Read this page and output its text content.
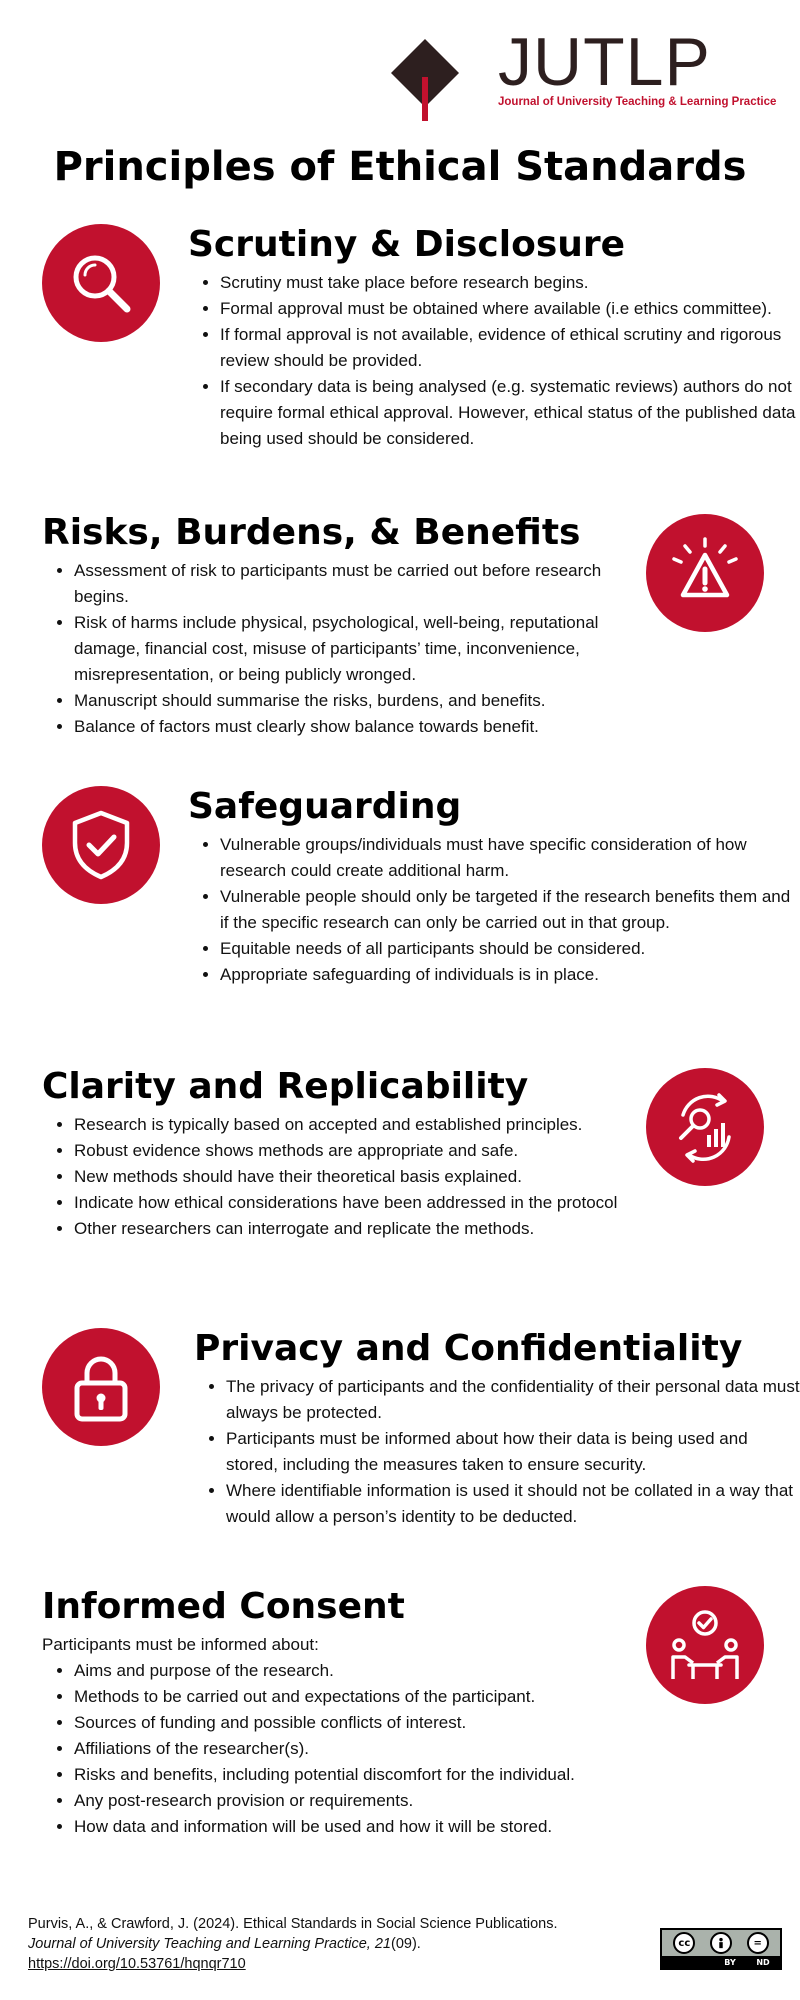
JUTLP
Journal of University Teaching & Learning Practice
Principles of Ethical Standards
Scrutiny & Disclosure
• Scrutiny must take place before research begins.
• Formal approval must be obtained where available (i.e ethics committee).
• If formal approval is not available, evidence of ethical scrutiny and rigorous review should be provided.
• If secondary data is being analysed (e.g. systematic reviews) authors do not require formal ethical approval. However, ethical status of the published data being used should be considered.
Risks, Burdens, & Benefits
• Assessment of risk to participants must be carried out before research begins.
• Risk of harms include physical, psychological, well-being, reputational damage, financial cost, misuse of participants’ time, inconvenience, misrepresentation, or being publicly wronged.
• Manuscript should summarise the risks, burdens, and benefits.
• Balance of factors must clearly show balance towards benefit.
Safeguarding
• Vulnerable groups/individuals must have specific consideration of how research could create additional harm.
• Vulnerable people should only be targeted if the research benefits them and if the specific research can only be carried out in that group.
• Equitable needs of all participants should be considered.
• Appropriate safeguarding of individuals is in place.
Clarity and Replicability
• Research is typically based on accepted and established principles.
• Robust evidence shows methods are appropriate and safe.
• New methods should have their theoretical basis explained.
• Indicate how ethical considerations have been addressed in the protocol
• Other researchers can interrogate and replicate the methods.
Privacy and Confidentiality
• The privacy of participants and the confidentiality of their personal data must always be protected.
• Participants must be informed about how their data is being used and stored, including the measures taken to ensure security.
• Where identifiable information is used it should not be collated in a way that would allow a person’s identity to be deducted.
Informed Consent

Participants must be informed about:

• Aims and purpose of the research.
• Methods to be carried out and expectations of the participant.
• Sources of funding and possible conflicts of interest.
• Affiliations of the researcher(s).
• Risks and benefits, including potential discomfort for the individual.
• Any post-research provision or requirements.
• How data and information will be used and how it will be stored.
Purvis, A., & Crawford, J. (2024). Ethical Standards in Social Science Publications.
Journal of University Teaching and Learning Practice, 21(09).
https://doi.org/10.53761/hqnqr710
cc	=
BY	ND
